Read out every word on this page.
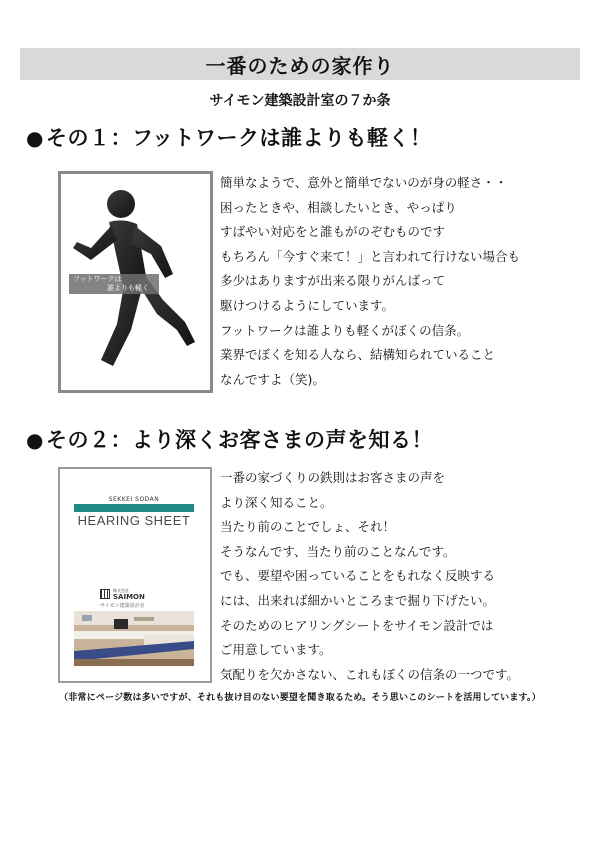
一番のための家作り
サイモン建築設計室の７か条
●その１：フットワークは誰よりも軽く！
フットワークは
誰よりも軽く
簡単なようで、意外と簡単でないのが身の軽さ・・
困ったときや、相談したいとき、やっぱり
すばやい対応をと誰もがのぞむものです
もちろん「今すぐ来て！」と言われて行けない場合も
多少はありますが出来る限りがんばって
駆けつけるようにしています。
フットワークは誰よりも軽くがぼくの信条。
業界でぼくを知る人なら、結構知られていること
なんですよ（笑)。
●その２：より深くお客さまの声を知る！
SEKKEI SODAN
HEARING SHEET
株式会社
SAIMON
サイモン建築設計室
一番の家づくりの鉄則はお客さまの声を
より深く知ること。
当たり前のことでしょ、それ！
そうなんです、当たり前のことなんです。
でも、要望や困っていることをもれなく反映する
には、出来れば細かいところまで掘り下げたい。
そのためのヒアリングシートをサイモン設計では
ご用意しています。
気配りを欠かさない、これもぼくの信条の一つです。
（非常にページ数は多いですが、それも抜け目のない要望を聞き取るため。そう思いこのシートを活用しています。）
